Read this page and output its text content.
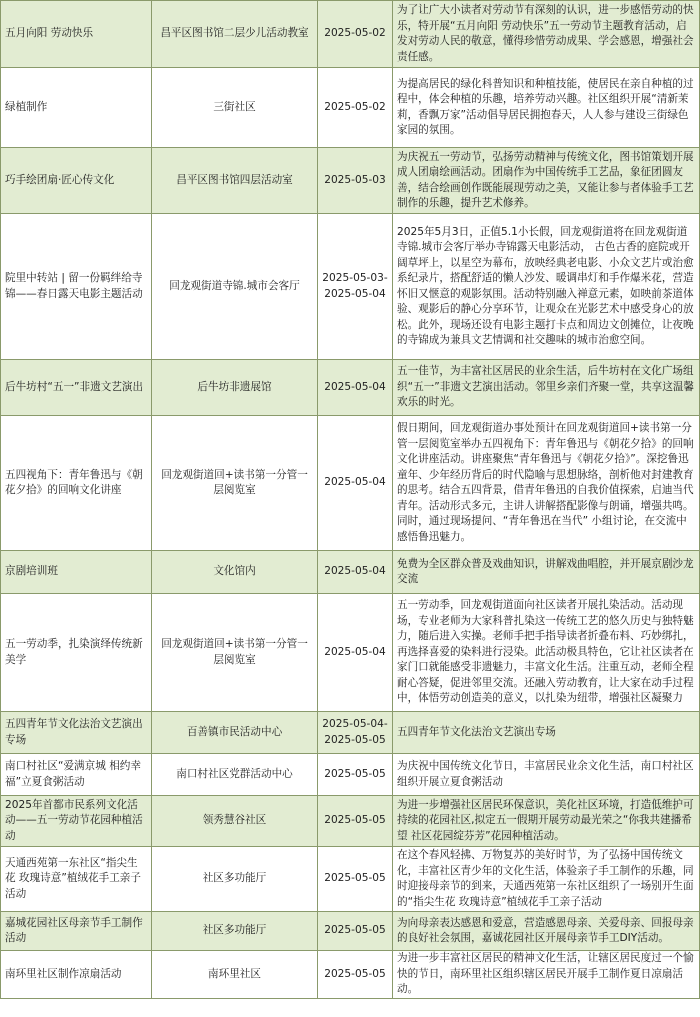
五月向阳 劳动快乐	昌平区图书馆二层少儿活动教室	2025-05-02	为了让广大小读者对劳动节有深刻的认识，进一步感悟劳动的快乐，特开展“五月向阳 劳动快乐”五一劳动节主题教育活动，启发对劳动人民的敬意，懂得珍惜劳动成果、学会感恩，增强社会责任感。
绿植制作	三街社区	2025-05-02	为提高居民的绿化科普知识和种植技能，使居民在亲自种植的过程中，体会种植的乐趣，培养劳动兴趣。社区组织开展“清新茉莉，香飘万家”活动倡导居民拥抱春天，人人参与建设三街绿色家园的氛围。
巧手绘团扇·匠心传文化	昌平区图书馆四层活动室	2025-05-03	为庆祝五一劳动节，弘扬劳动精神与传统文化，图书馆策划开展成人团扇绘画活动。团扇作为中国传统手工艺品，象征团圆友善，结合绘画创作既能展现劳动之美，又能让参与者体验手工艺制作的乐趣，提升艺术修养。
院里中转站 | 留一份羁绊给寺锦——春日露天电影主题活动	回龙观街道寺锦.城市会客厅	2025-05-03-2025-05-04	2025年5月3日，正值5.1小长假，回龙观街道将在回龙观街道寺锦.城市会客厅举办寺锦露天电影活动， 古色古香的庭院或开阔草坪上，以星空为幕布，放映经典老电影、小众文艺片或治愈系纪录片，搭配舒适的懒人沙发、暖调串灯和手作爆米花，营造怀旧又惬意的观影氛围。活动特别融入禅意元素，如映前茶道体验、观影后的静心分享环节，让观众在光影艺术中感受身心的放松。此外，现场还设有电影主题打卡点和周边文创摊位，让夜晚的寺锦成为兼具文艺情调和社交趣味的城市治愈空间。
后牛坊村“五一”非遗文艺演出	后牛坊非遗展馆	2025-05-04	五一佳节，为丰富社区居民的业余生活，后牛坊村在文化广场组织“五一”非遗文艺演出活动。邻里乡亲们齐聚一堂，共享这温馨欢乐的时光。
五四视角下：青年鲁迅与《朝花夕拾》的回响文化讲座	回龙观街道回+读书第一分管一层阅览室	2025-05-04	假日期间，回龙观街道办事处预计在回龙观街道回+读书第一分管一层阅览室举办五四视角下：青年鲁迅与《朝花夕拾》的回响文化讲座活动。讲座聚焦“青年鲁迅与《朝花夕拾》”。深挖鲁迅童年、少年经历背后的时代隐喻与思想脉络，剖析他对封建教育的思考。结合五四背景，借青年鲁迅的自我价值探索，启迪当代青年。活动形式多元，主讲人讲解搭配影像与朗诵，增强共鸣。同时，通过现场提问、“青年鲁迅在当代” 小组讨论，在交流中感悟鲁迅魅力。
京剧培训班	文化馆内	2025-05-04	免费为全区群众普及戏曲知识，讲解戏曲唱腔，并开展京剧沙龙交流
五一劳动季，扎染演绎传统新美学	回龙观街道回+读书第一分管一层阅览室	2025-05-04	五一劳动季，回龙观街道面向社区读者开展扎染活动。活动现场，专业老师为大家科普扎染这一传统工艺的悠久历史与独特魅力，随后进入实操。老师手把手指导读者折叠布料、巧妙绑扎，再选择喜爱的染料进行浸染。此活动极具特色，它让社区读者在家门口就能感受非遗魅力，丰富文化生活。注重互动，老师全程耐心答疑，促进邻里交流。还融入劳动教育，让大家在动手过程中，体悟劳动创造美的意义，以扎染为纽带，增强社区凝聚力
五四青年节文化法治文艺演出专场	百善镇市民活动中心	2025-05-04-2025-05-05	五四青年节文化法治文艺演出专场
南口村社区“爱满京城 相约幸福”立夏食粥活动	南口村社区党群活动中心	2025-05-05	为庆祝中国传统文化节日，丰富居民业余文化生活，南口村社区组织开展立夏食粥活动
2025年首都市民系列文化活动——五一劳动节花园种植活动	领秀慧谷社区	2025-05-05	为进一步增强社区居民环保意识，美化社区环境，打造低维护可持续的花园社区,拟定五一假期开展劳动最光荣之“你我共建播希望 社区花园绽芬芳”花园种植活动。
天通西苑第一东社区“指尖生花 玫瑰诗意”植绒花手工亲子活动	社区多功能厅	2025-05-05	在这个春风轻拂、万物复苏的美好时节，为了弘扬中国传统文化，丰富社区青少年的文化生活，体验亲子手工制作的乐趣，同时迎接母亲节的到来，天通西苑第一东社区组织了一场别开生面的“指尖生花 玫瑰诗意”植绒花手工亲子活动
嘉城花园社区母亲节手工制作活动	社区多功能厅	2025-05-05	为向母亲表达感恩和爱意，营造感恩母亲、关爱母亲、回报母亲的良好社会氛围，嘉诚花园社区开展母亲节手工DIY活动。
南环里社区制作凉扇活动	南环里社区	2025-05-05	为进一步丰富社区居民的精神文化生活，让辖区居民度过一个愉快的节日，南环里社区组织辖区居民开展手工制作夏日凉扇活动。
